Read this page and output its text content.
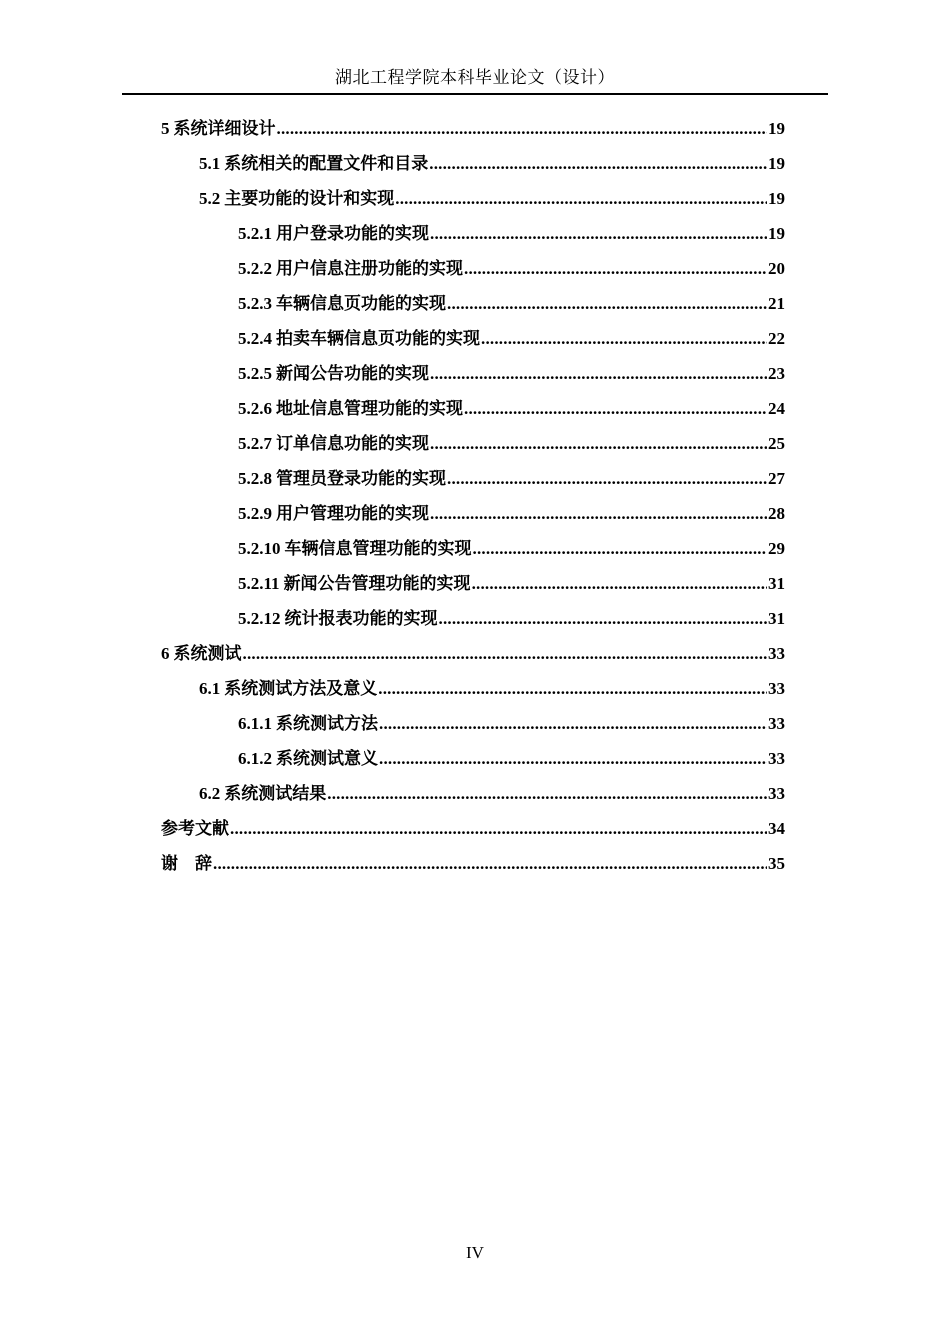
湖北工程学院本科毕业论文（设计）
5 系统详细设计 .....	19
5.1 系统相关的配置文件和目录 .....	19
5.2 主要功能的设计和实现 .....	19
5.2.1 用户登录功能的实现 .....	19
5.2.2 用户信息注册功能的实现 .....	20
5.2.3 车辆信息页功能的实现 .....	21
5.2.4 拍卖车辆信息页功能的实现 .....	22
5.2.5 新闻公告功能的实现 .....	23
5.2.6 地址信息管理功能的实现 .....	24
5.2.7 订单信息功能的实现 .....	25
5.2.8 管理员登录功能的实现 .....	27
5.2.9 用户管理功能的实现 .....	28
5.2.10 车辆信息管理功能的实现 .....	29
5.2.11 新闻公告管理功能的实现 .....	31
5.2.12 统计报表功能的实现 .....	31
6 系统测试 .....	33
6.1 系统测试方法及意义 .....	33
6.1.1 系统测试方法 .....	33
6.1.2 系统测试意义 .....	33
6.2 系统测试结果 .....	33
参考文献 .....	34
谢　辞 .....	35
IV
